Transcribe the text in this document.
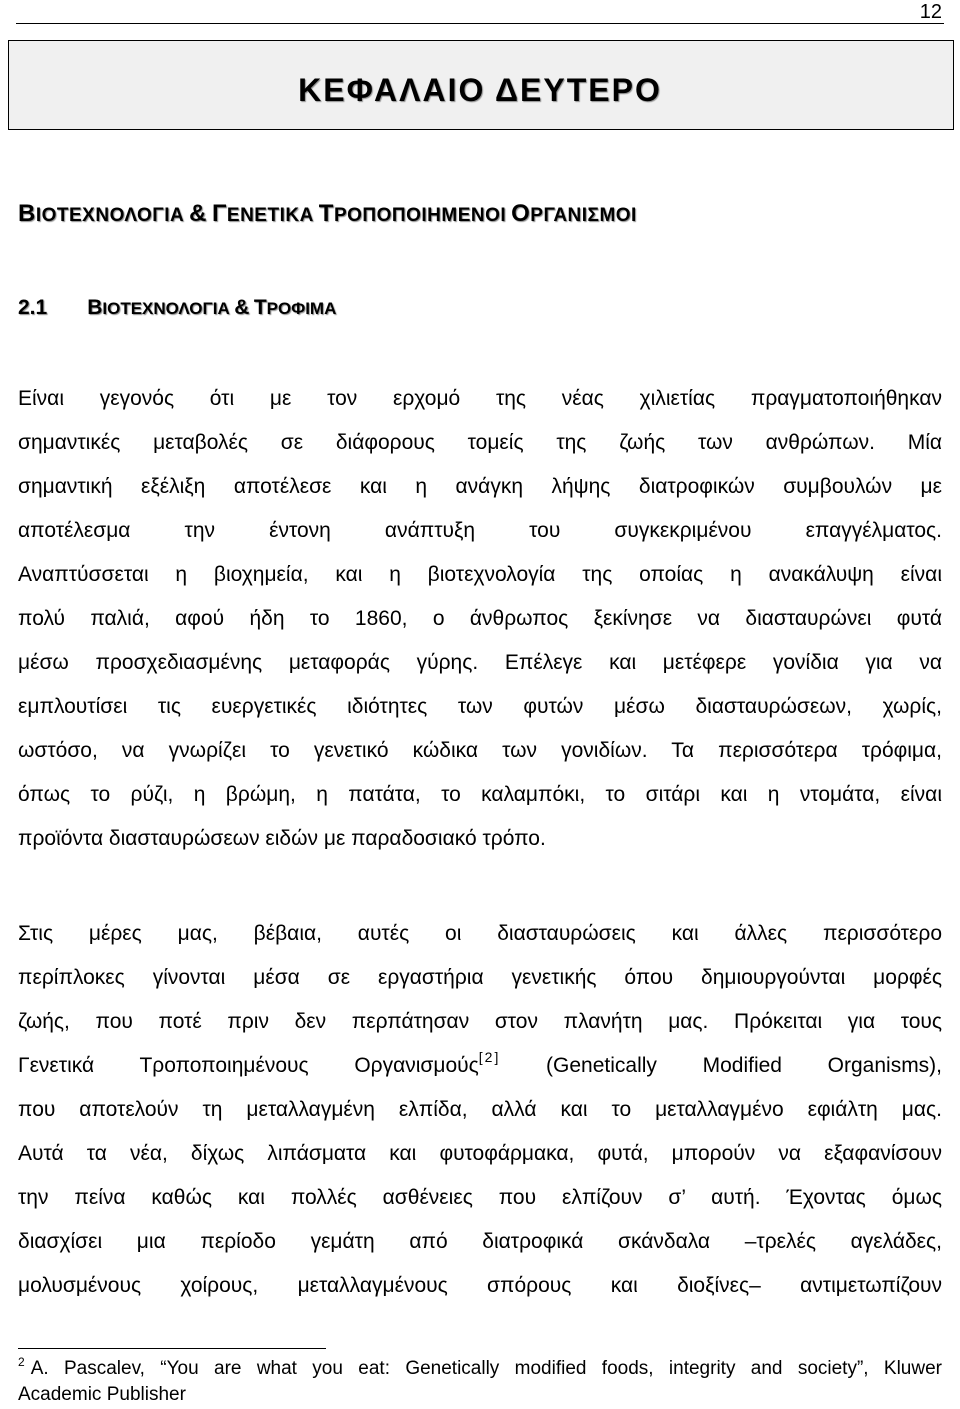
12
ΚΕΦΑΛΑΙΟ ΔΕΥΤΕΡΟ
ΒΙΟΤΕΧΝΟΛΟΓΙΑ & ΓΕΝΕΤΙΚΑ ΤΡΟΠΟΠΟΙΗΜΕΝΟΙ ΟΡΓΑΝΙΣΜΟΙ
2.1 ΒΙΟΤΕΧΝΟΛΟΓΙΑ & ΤΡΟΦΙΜΑ
Είναι γεγονός ότι με τον ερχομό της νέας χιλιετίας πραγματοποιήθηκαν
σημαντικές μεταβολές σε διάφορους τομείς της ζωής των ανθρώπων. Μία
σημαντική εξέλιξη αποτέλεσε και η ανάγκη λήψης διατροφικών συμβουλών με
αποτέλεσμα την έντονη ανάπτυξη του συγκεκριμένου επαγγέλματος.
Αναπτύσσεται η βιοχημεία, και η βιοτεχνολογία της οποίας η ανακάλυψη είναι
πολύ παλιά, αφού ήδη το 1860, ο άνθρωπος ξεκίνησε να διασταυρώνει φυτά
μέσω προσχεδιασμένης μεταφοράς γύρης. Επέλεγε και μετέφερε γονίδια για να
εμπλουτίσει τις ευεργετικές ιδιότητες των φυτών μέσω διασταυρώσεων, χωρίς,
ωστόσο, να γνωρίζει το γενετικό κώδικα των γονιδίων. Τα περισσότερα τρόφιμα,
όπως το ρύζι, η βρώμη, η πατάτα, το καλαμπόκι, το σιτάρι και η ντομάτα, είναι
προϊόντα διασταυρώσεων ειδών με παραδοσιακό τρόπο.
Στις μέρες μας, βέβαια, αυτές οι διασταυρώσεις και άλλες περισσότερο
περίπλοκες γίνονται μέσα σε εργαστήρια γενετικής όπου δημιουργούνται μορφές
ζωής, που ποτέ πριν δεν περπάτησαν στον πλανήτη μας. Πρόκειται για τους
Γενετικά Τροποποιημένους Οργανισμούς[2] (Genetically Modified Organisms),
που αποτελούν τη μεταλλαγμένη ελπίδα, αλλά και το μεταλλαγμένο εφιάλτη μας.
Αυτά τα νέα, δίχως λιπάσματα και φυτοφάρμακα, φυτά, μπορούν να εξαφανίσουν
την πείνα καθώς και πολλές ασθένειες που ελπίζουν σ’ αυτή. Έχοντας όμως
διασχίσει μια περίοδο γεμάτη από διατροφικά σκάνδαλα –τρελές αγελάδες,
μολυσμένους χοίρους, μεταλλαγμένους σπόρους και διοξίνες– αντιμετωπίζουν
$^2$ A. Pascalev, “You are what you eat: Genetically modified foods, integrity and society”, Kluwer
Academic Publisher
